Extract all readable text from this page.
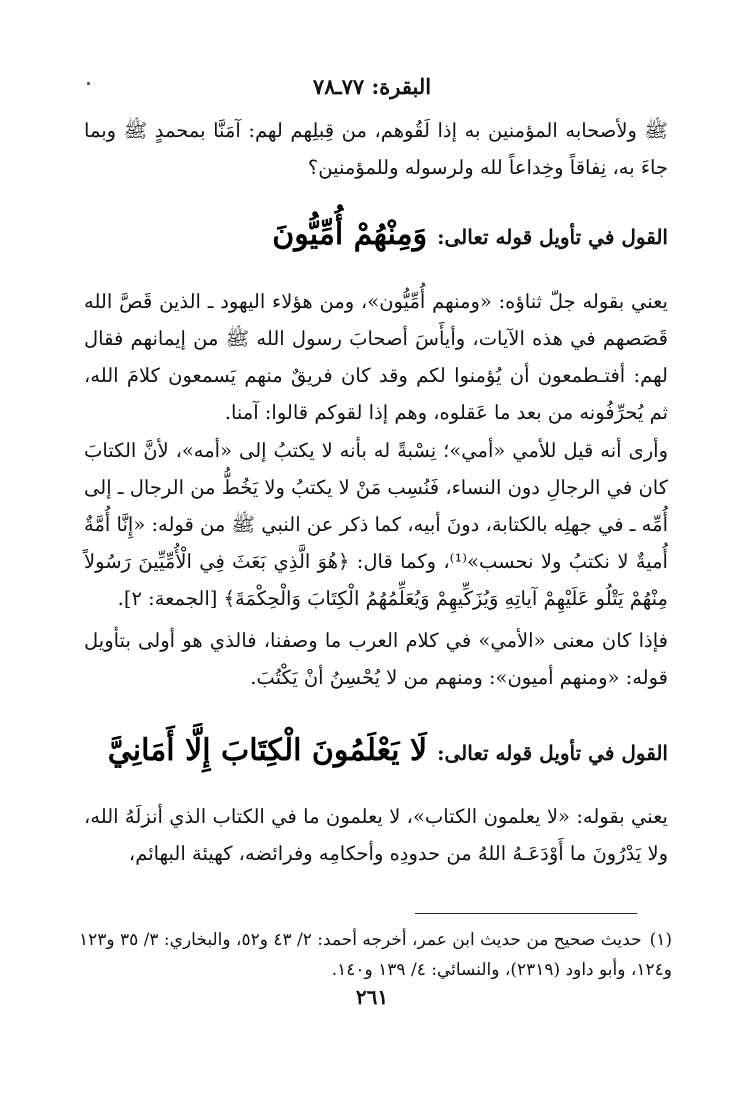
البقرة: ٧٧ـ٧٨

ﷺ ولأصحابه المؤمنين به إذا لَقُوهم، من قِبلِهم لهم: آمَنَّا بمحمدٍ ﷺ وبما جاءَ به، نِفاقاً وخِداعاً لله ولرسوله وللمؤمنين؟

القول في تأويل قوله تعالى:
وَمِنْهُمْ أُمِّيُّونَ

يعني بقوله جلّ ثناؤه: «ومنهم أُمِّيُّون»، ومن هؤلاء اليهود ـ الذين قَصَّ الله قَصَصهم في هذه الآيات، وأيأَسَ أصحابَ رسول الله ﷺ من إيمانهم فقال لهم: أفتـطمعون أن يُؤمنوا لكم وقد كان فريقٌ منهم يَسمعون كلامَ الله، ثم يُحرِّفُونه من بعد ما عَقلوه، وهم إذا لقوكم قالوا: آمنا.

وأرى أنه قيل للأمي «أمي»؛ نِسْبةً له بأنه لا يكتبُ إلى «أمه»، لأنَّ الكتابَ كان في الرجالِ دون النساء، فَنُسِب مَنْ لا يكتبُ ولا يَخُطُّ من الرجال ـ إلى أُمِّه ـ في جهلِه بالكتابة، دونَ أبيه، كما ذكر عن النبي ﷺ من قوله: «إِنَّا أُمَّةٌ أُميةٌ لا نكتبُ ولا نحسب»⁽¹⁾، وكما قال: ﴿هُوَ الَّذِي بَعَثَ فِي الْأُمِّيِّينَ رَسُولاً مِنْهُمْ يَتْلُو عَلَيْهِمْ آياتِهِ وَيُزَكِّيهِمْ وَيُعَلِّمُهُمُ الْكِتَابَ وَالْحِكْمَةَ﴾ [الجمعة: ٢].

فإذا كان معنى «الأمي» في كلام العرب ما وصفنا، فالذي هو أولى بتأويل قوله: «ومنهم أميون»: ومنهم من لا يُحْسِنُ أنْ يَكْتُبَ.

القول في تأويل قوله تعالى:
لَا يَعْلَمُونَ الْكِتَابَ إِلَّا أَمَانِيَّ

يعني بقوله: «لا يعلمون الكتاب»، لا يعلمون ما في الكتاب الذي أنزلَهُ الله، ولا يَدْرُونَ ما أَوْدَعَـهُ اللهُ من حدودِه وأحكامِه وفرائضه، كهيئة البهائم،

(١)حديث صحيح من حديث ابن عمر، أخرجه أحمد: ٢/ ٤٣ و٥٢، والبخاري: ٣/ ٣٥ و١٢٣ و١٢٤، وأبو داود (٢٣١٩)، والنسائي: ٤/ ١٣٩ و١٤٠.

٢٦١
